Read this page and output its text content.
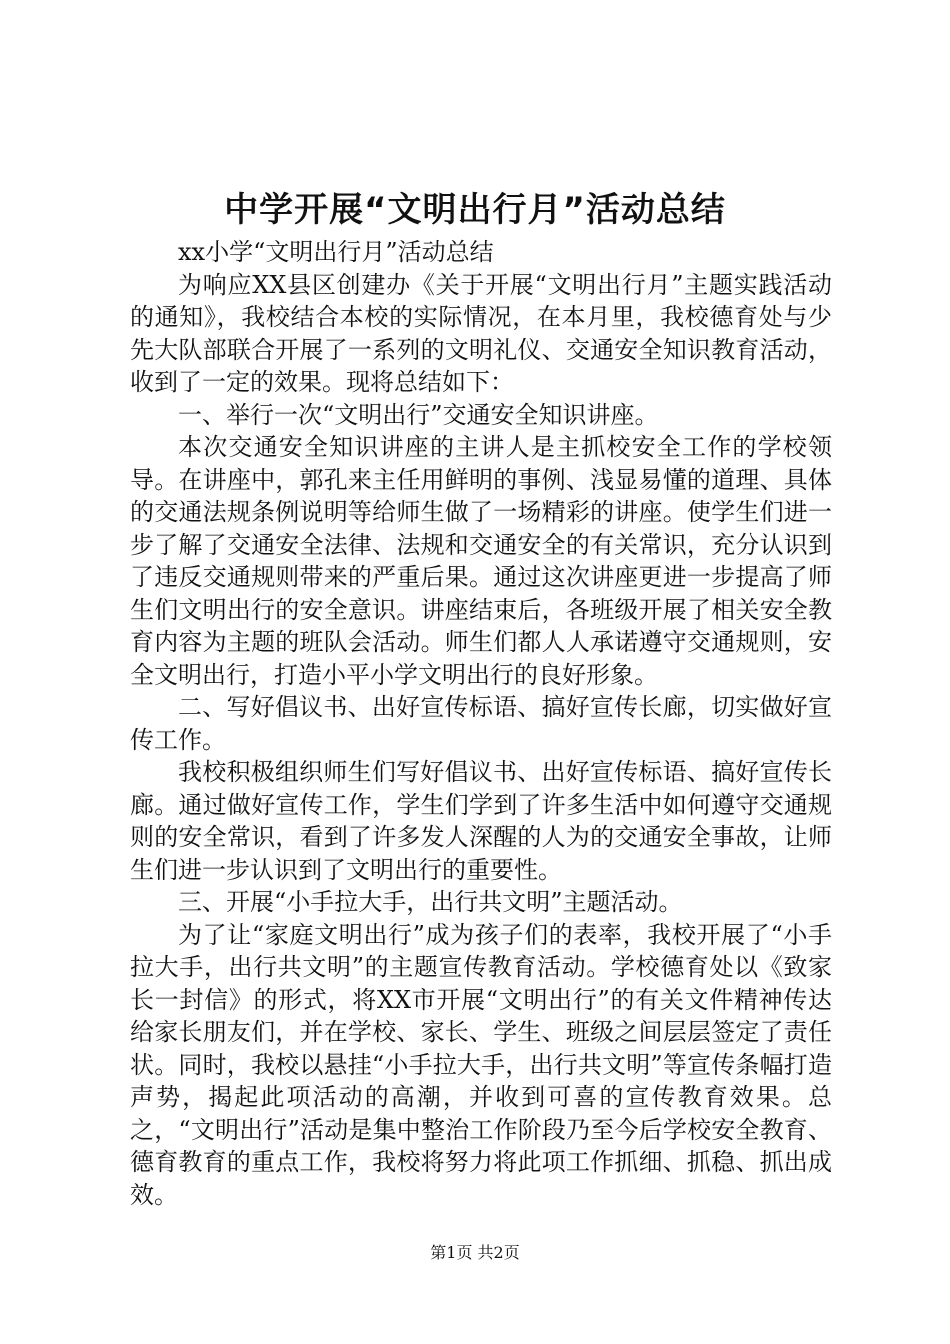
中学开展“文明出行月”活动总结

xx小学“文明出行月”活动总结

为响应XX县区创建办《关于开展“文明出行月”主题实践活动的通知》，我校结合本校的实际情况，在本月里，我校德育处与少先大队部联合开展了一系列的文明礼仪、交通安全知识教育活动，收到了一定的效果。现将总结如下：

一、举行一次“文明出行”交通安全知识讲座。

本次交通安全知识讲座的主讲人是主抓校安全工作的学校领导。在讲座中，郭孔来主任用鲜明的事例、浅显易懂的道理、具体的交通法规条例说明等给师生做了一场精彩的讲座。使学生们进一步了解了交通安全法律、法规和交通安全的有关常识，充分认识到了违反交通规则带来的严重后果。通过这次讲座更进一步提高了师生们文明出行的安全意识。讲座结束后，各班级开展了相关安全教育内容为主题的班队会活动。师生们都人人承诺遵守交通规则，安全文明出行，打造小平小学文明出行的良好形象。

二、写好倡议书、出好宣传标语、搞好宣传长廊，切实做好宣传工作。

我校积极组织师生们写好倡议书、出好宣传标语、搞好宣传长廊。通过做好宣传工作，学生们学到了许多生活中如何遵守交通规则的安全常识，看到了许多发人深醒的人为的交通安全事故，让师生们进一步认识到了文明出行的重要性。

三、开展“小手拉大手，出行共文明”主题活动。

为了让“家庭文明出行”成为孩子们的表率，我校开展了“小手拉大手，出行共文明”的主题宣传教育活动。学校德育处以《致家长一封信》的形式，将XX市开展“文明出行”的有关文件精神传达给家长朋友们，并在学校、家长、学生、班级之间层层签定了责任状。同时，我校以悬挂“小手拉大手，出行共文明”等宣传条幅打造声势，揭起此项活动的高潮，并收到可喜的宣传教育效果。总之，“文明出行”活动是集中整治工作阶段乃至今后学校安全教育、德育教育的重点工作，我校将努力将此项工作抓细、抓稳、抓出成效。

第1页 共2页
